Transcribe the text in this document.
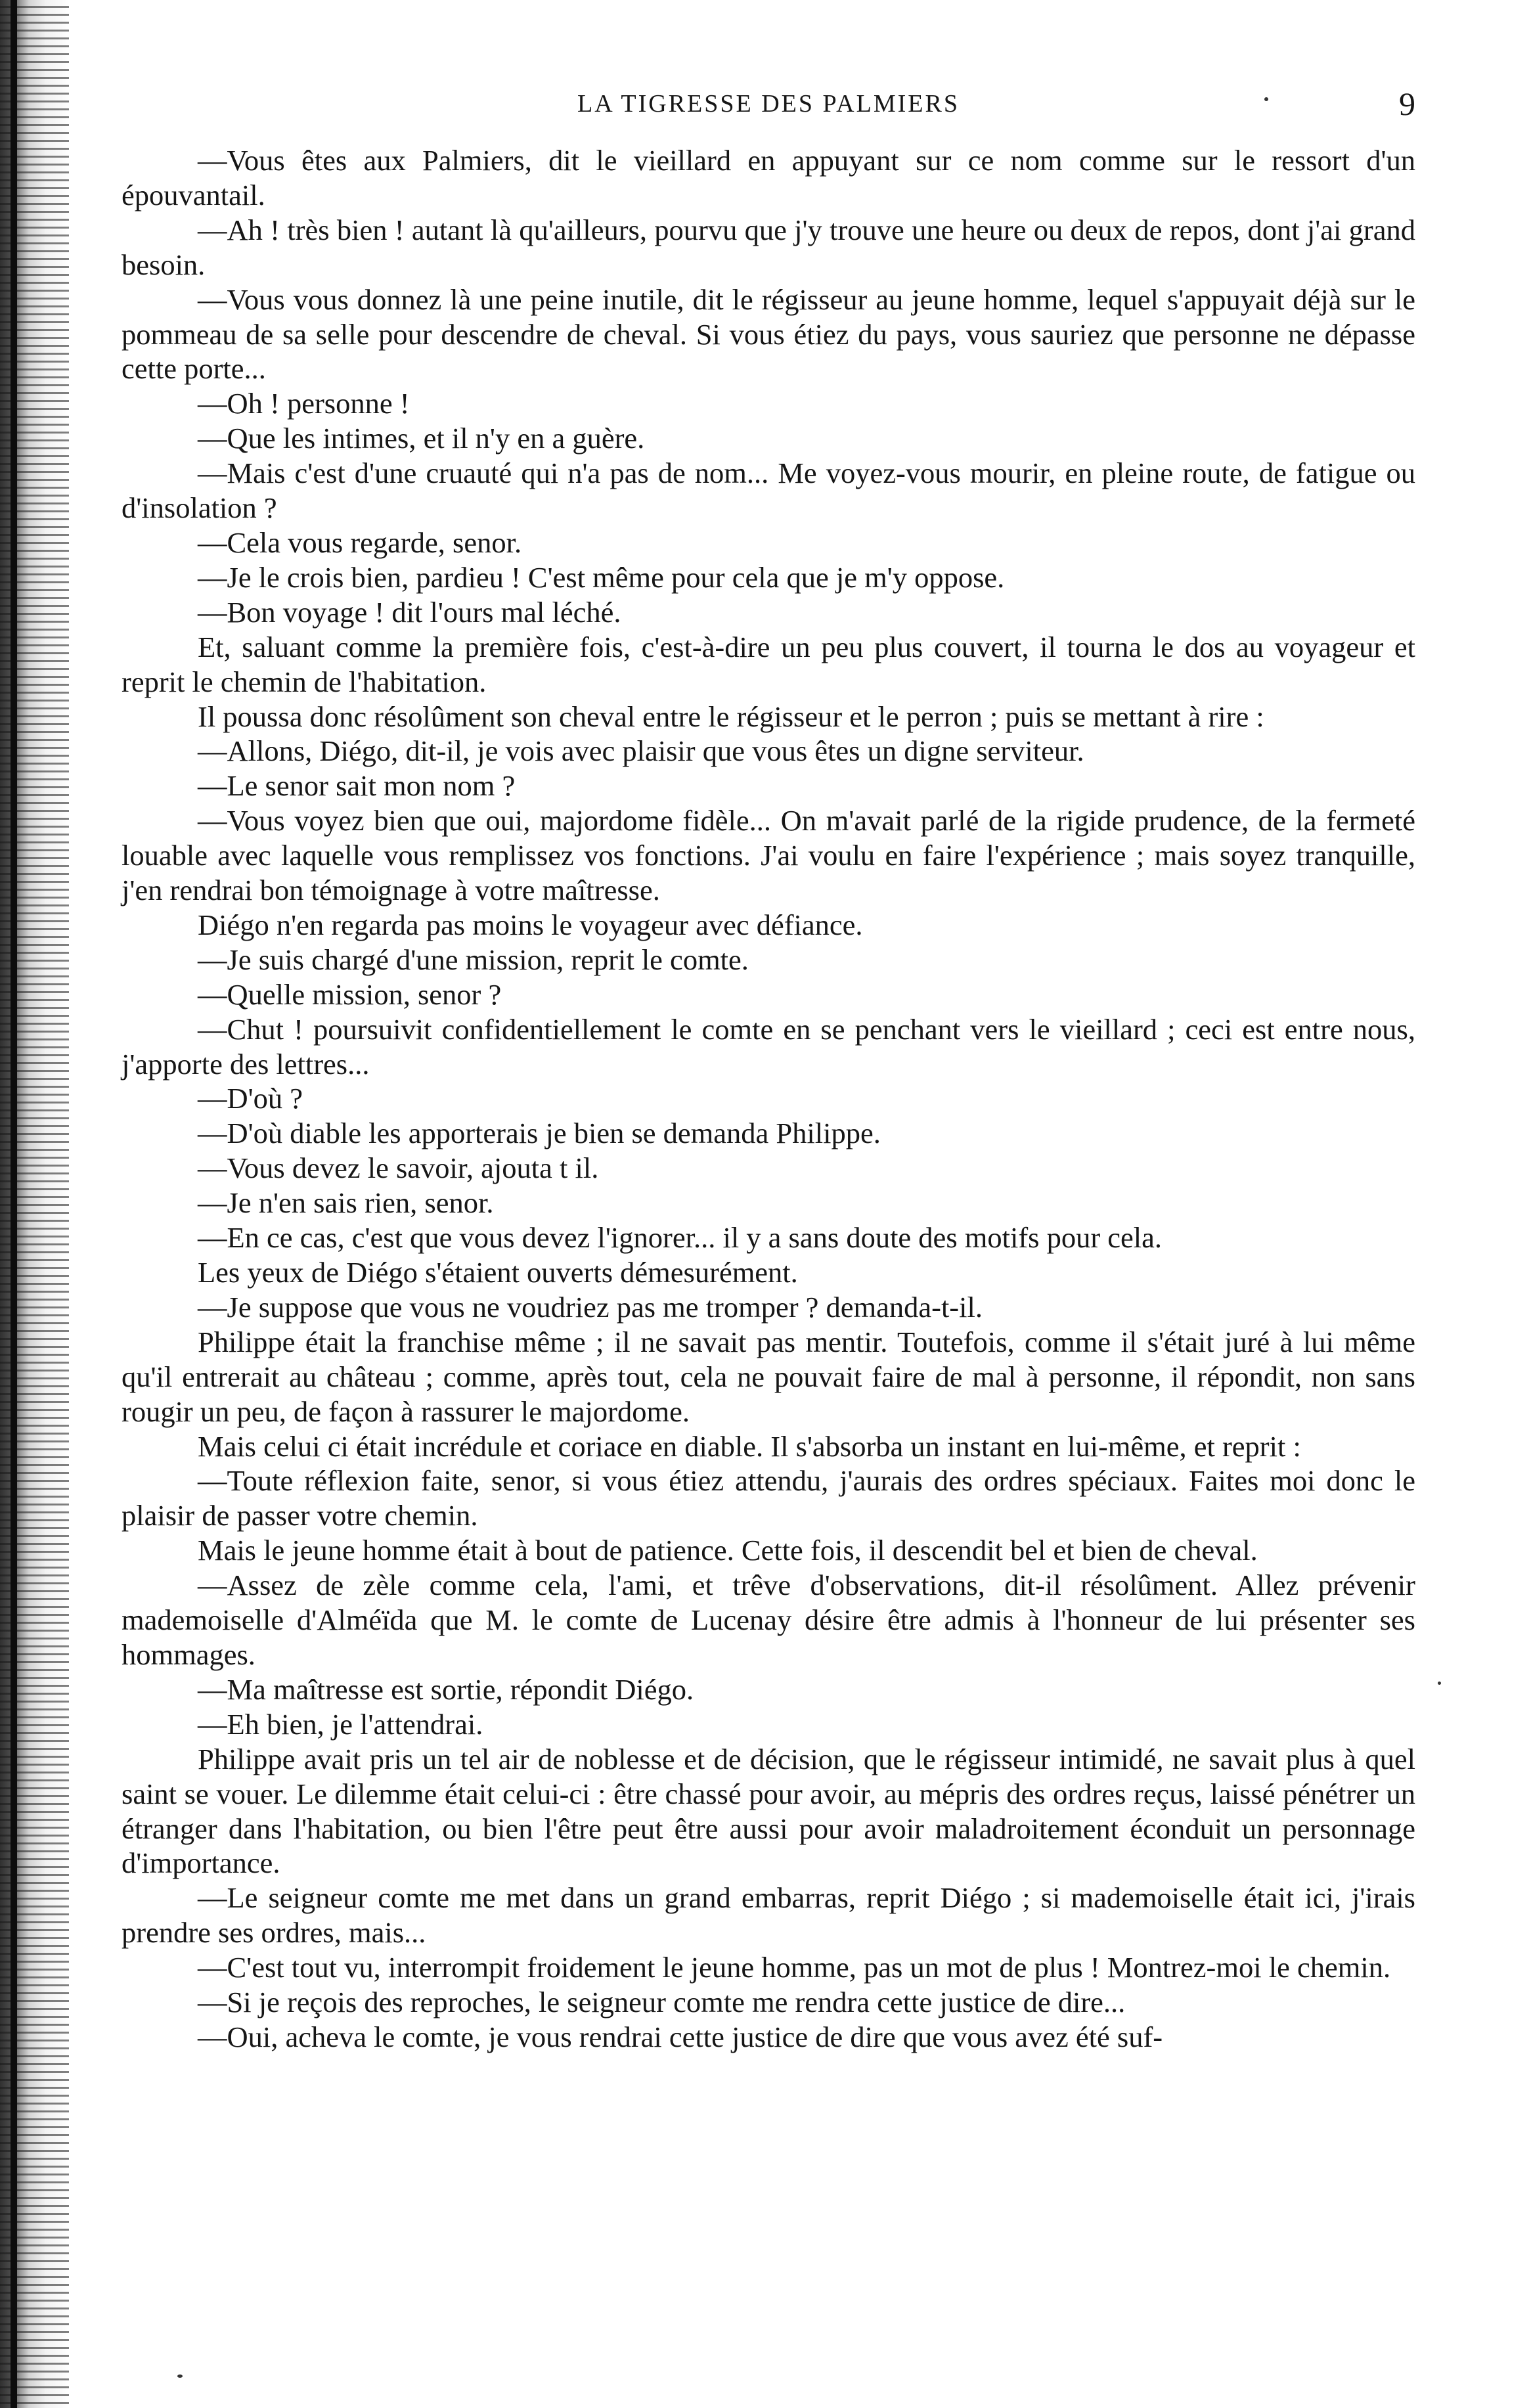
LA TIGRESSE DES PALMIERS	9

—Vous êtes aux Palmiers, dit le vieillard en appuyant sur ce nom comme sur le ressort d'un épouvantail.

—Ah ! très bien ! autant là qu'ailleurs, pourvu que j'y trouve une heure ou deux de repos, dont j'ai grand besoin.

—Vous vous donnez là une peine inutile, dit le régisseur au jeune homme, lequel s'appuyait déjà sur le pommeau de sa selle pour descendre de cheval. Si vous étiez du pays, vous sauriez que personne ne dépasse cette porte...

—Oh ! personne !

—Que les intimes, et il n'y en a guère.

—Mais c'est d'une cruauté qui n'a pas de nom... Me voyez-vous mourir, en pleine route, de fatigue ou d'insolation ?

—Cela vous regarde, senor.

—Je le crois bien, pardieu ! C'est même pour cela que je m'y oppose.

—Bon voyage ! dit l'ours mal léché.

Et, saluant comme la première fois, c'est-à-dire un peu plus couvert, il tourna le dos au voyageur et reprit le chemin de l'habitation.

Il poussa donc résolûment son cheval entre le régisseur et le perron ; puis se mettant à rire :

—Allons, Diégo, dit-il, je vois avec plaisir que vous êtes un digne serviteur.

—Le senor sait mon nom ?

—Vous voyez bien que oui, majordome fidèle... On m'avait parlé de la rigide prudence, de la fermeté louable avec laquelle vous remplissez vos fonctions. J'ai voulu en faire l'expérience ; mais soyez tranquille, j'en rendrai bon témoignage à votre maîtresse.

Diégo n'en regarda pas moins le voyageur avec défiance.

—Je suis chargé d'une mission, reprit le comte.

—Quelle mission, senor ?

—Chut ! poursuivit confidentiellement le comte en se penchant vers le vieillard ; ceci est entre nous, j'apporte des lettres...

—D'où ?

—D'où diable les apporterais je bien se demanda Philippe.

—Vous devez le savoir, ajouta t il.

—Je n'en sais rien, senor.

—En ce cas, c'est que vous devez l'ignorer... il y a sans doute des motifs pour cela.

Les yeux de Diégo s'étaient ouverts démesurément.

—Je suppose que vous ne voudriez pas me tromper ? demanda-t-il.

Philippe était la franchise même ; il ne savait pas mentir. Toutefois, comme il s'était juré à lui même qu'il entrerait au château ; comme, après tout, cela ne pouvait faire de mal à personne, il répondit, non sans rougir un peu, de façon à rassurer le majordome.

Mais celui ci était incrédule et coriace en diable. Il s'absorba un instant en lui-même, et reprit :

—Toute réflexion faite, senor, si vous étiez attendu, j'aurais des ordres spéciaux. Faites moi donc le plaisir de passer votre chemin.

Mais le jeune homme était à bout de patience. Cette fois, il descendit bel et bien de cheval.

—Assez de zèle comme cela, l'ami, et trêve d'observations, dit-il résolûment. Allez prévenir mademoiselle d'Alméïda que M. le comte de Lucenay désire être admis à l'honneur de lui présenter ses hommages.

—Ma maîtresse est sortie, répondit Diégo.

—Eh bien, je l'attendrai.

Philippe avait pris un tel air de noblesse et de décision, que le régisseur intimidé, ne savait plus à quel saint se vouer. Le dilemme était celui-ci : être chassé pour avoir, au mépris des ordres reçus, laissé pénétrer un étranger dans l'habitation, ou bien l'être peut être aussi pour avoir maladroitement éconduit un personnage d'importance.

—Le seigneur comte me met dans un grand embarras, reprit Diégo ; si mademoiselle était ici, j'irais prendre ses ordres, mais...

—C'est tout vu, interrompit froidement le jeune homme, pas un mot de plus ! Montrez-moi le chemin.

—Si je reçois des reproches, le seigneur comte me rendra cette justice de dire...

—Oui, acheva le comte, je vous rendrai cette justice de dire que vous avez été suf-
